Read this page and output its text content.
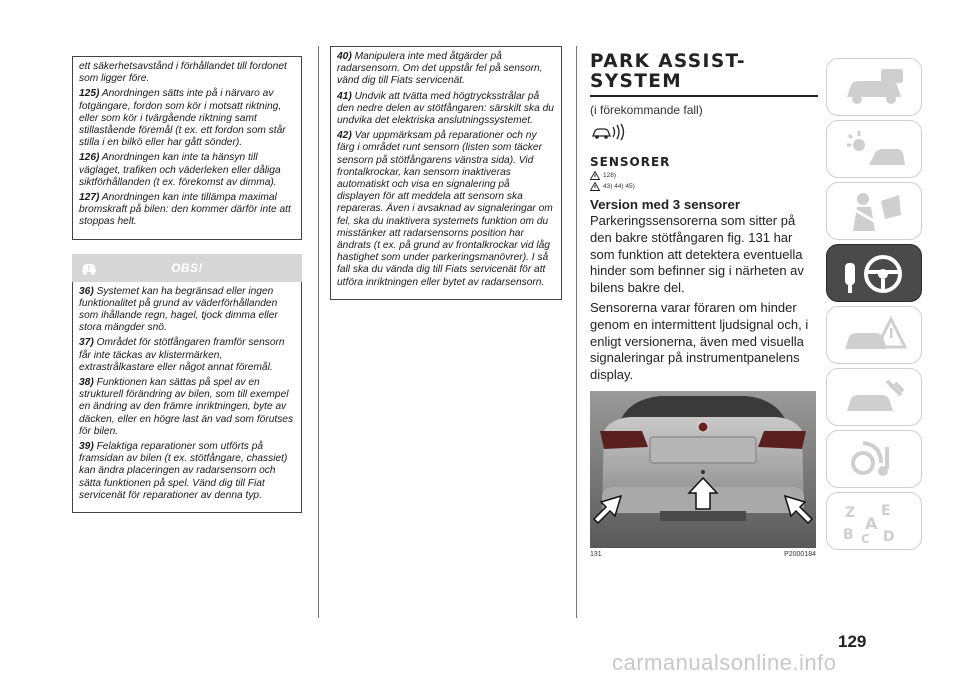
ett säkerhetsavstånd i förhållandet till fordonet som ligger före.

125) Anordningen sätts inte på i närvaro av fotgängare, fordon som kör i motsatt riktning, eller som kör i tvärgående riktning samt stillastående föremål (t ex. ett fordon som står stilla i en bilkö eller har gått sönder).

126) Anordningen kan inte ta hänsyn till väglaget, trafiken och väderleken eller dåliga siktförhållanden (t ex. förekomst av dimma).

127) Anordningen kan inte tillämpa maximal bromskraft på bilen: den kommer därför inte att stoppas helt.

OBS!

36) Systemet kan ha begränsad eller ingen funktionalitet på grund av väderförhållanden som ihållande regn, hagel, tjock dimma eller stora mängder snö.

37) Området för stötfångaren framför sensorn får inte täckas av klistermärken, extrastrålkastare eller något annat föremål.

38) Funktionen kan sättas på spel av en strukturell förändring av bilen, som till exempel en ändring av den främre inriktningen, byte av däcken, eller en högre last än vad som förutses för bilen.

39) Felaktiga reparationer som utförts på framsidan av bilen (t ex. stötfångare, chassiet) kan ändra placeringen av radarsensorn och sätta funktionen på spel. Vänd dig till Fiat servicenät för reparationer av denna typ.

40) Manipulera inte med åtgärder på radarsensorn. Om det uppstår fel på sensorn, vänd dig till Fiats servicenät.

41) Undvik att tvätta med högtrycksstrålar på den nedre delen av stötfångaren: särskilt ska du undvika det elektriska anslutningssystemet.

42) Var uppmärksam på reparationer och ny färg i området runt sensorn (listen som täcker sensorn på stötfångarens vänstra sida). Vid frontalkrockar, kan sensorn inaktiveras automatiskt och visa en signalering på displayen för att meddela att sensorn ska repareras. Även i avsaknad av signaleringar om fel, ska du inaktivera systemets funktion om du misstänker att radarsensorns position har ändrats (t ex. på grund av frontalkrockar vid låg hastighet som under parkeringsmanövrer). I så fall ska du vända dig till Fiats servicenät för att utföra inriktningen eller bytet av radarsensorn.

PARK ASSIST-
SYSTEM
(i förekommande fall)
SENSORER
128)
43) 44) 45)
Version med 3 sensorer

Parkeringssensorerna som sitter på den bakre stötfångaren fig. 131 har som funktion att detektera eventuella hinder som befinner sig i närheten av bilens bakre del.

Sensorerna varar föraren om hinder genom en intermittent ljudsignal och, i enligt versionerna, även med visuella signaleringar på instrumentpanelens display.

131	P2000184
Z E
A
B D
C
129
carmanualsonline.info
